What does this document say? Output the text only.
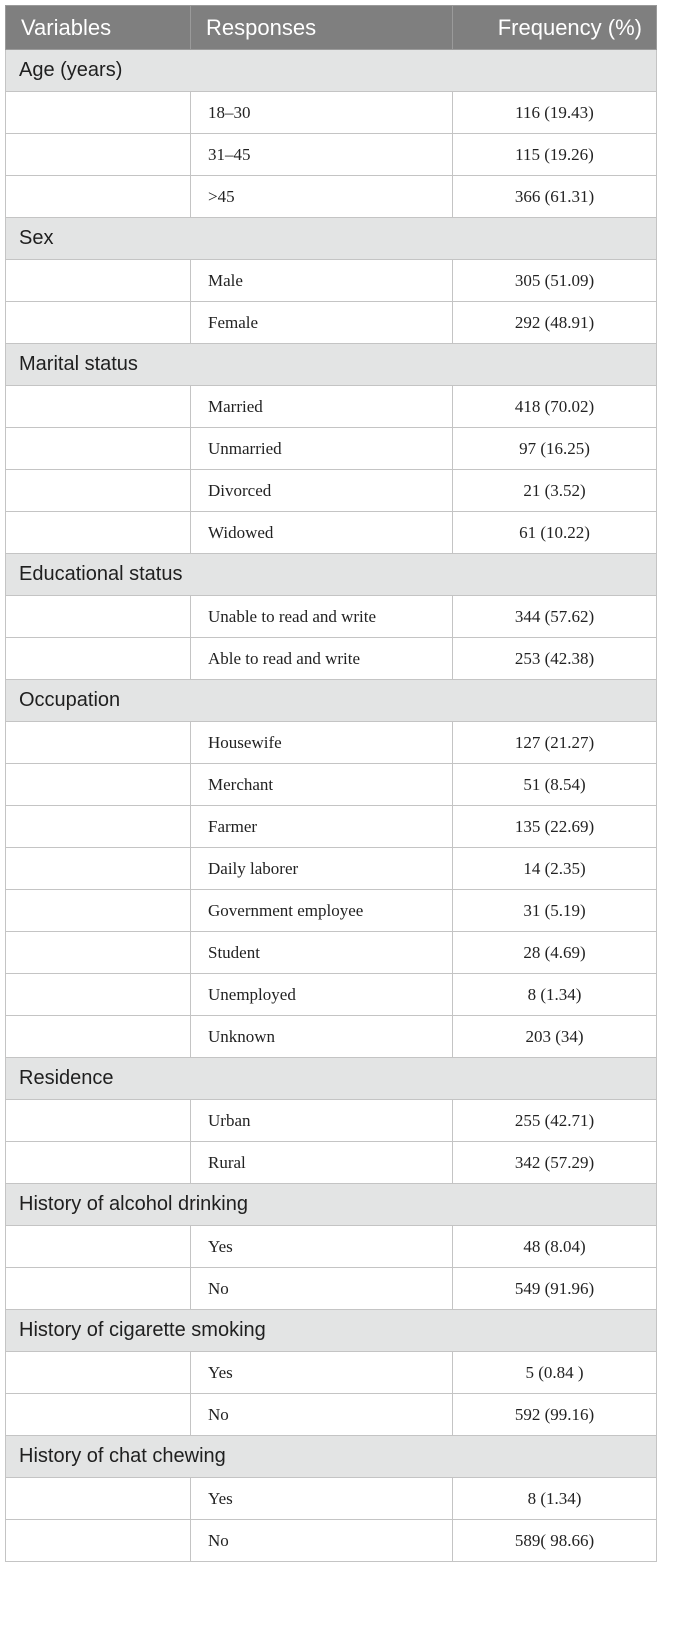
Variables	Responses	Frequency (%)
Age (years)		
	18–30	116 (19.43)
	31–45	115 (19.26)
	>45	366 (61.31)
Sex		
	Male	305 (51.09)
	Female	292 (48.91)
Marital status		
	Married	418 (70.02)
	Unmarried	97 (16.25)
	Divorced	21 (3.52)
	Widowed	61 (10.22)
Educational status		
	Unable to read and write	344 (57.62)
	Able to read and write	253 (42.38)
Occupation		
	Housewife	127 (21.27)
	Merchant	51 (8.54)
	Farmer	135 (22.69)
	Daily laborer	14 (2.35)
	Government employee	31 (5.19)
	Student	28 (4.69)
	Unemployed	8 (1.34)
	Unknown	203 (34)
Residence		
	Urban	255 (42.71)
	Rural	342 (57.29)
History of alcohol drinking		
	Yes	48 (8.04)
	No	549 (91.96)
History of cigarette smoking		
	Yes	5 (0.84 )
	No	592 (99.16)
History of chat chewing		
	Yes	8 (1.34)
	No	589( 98.66)
